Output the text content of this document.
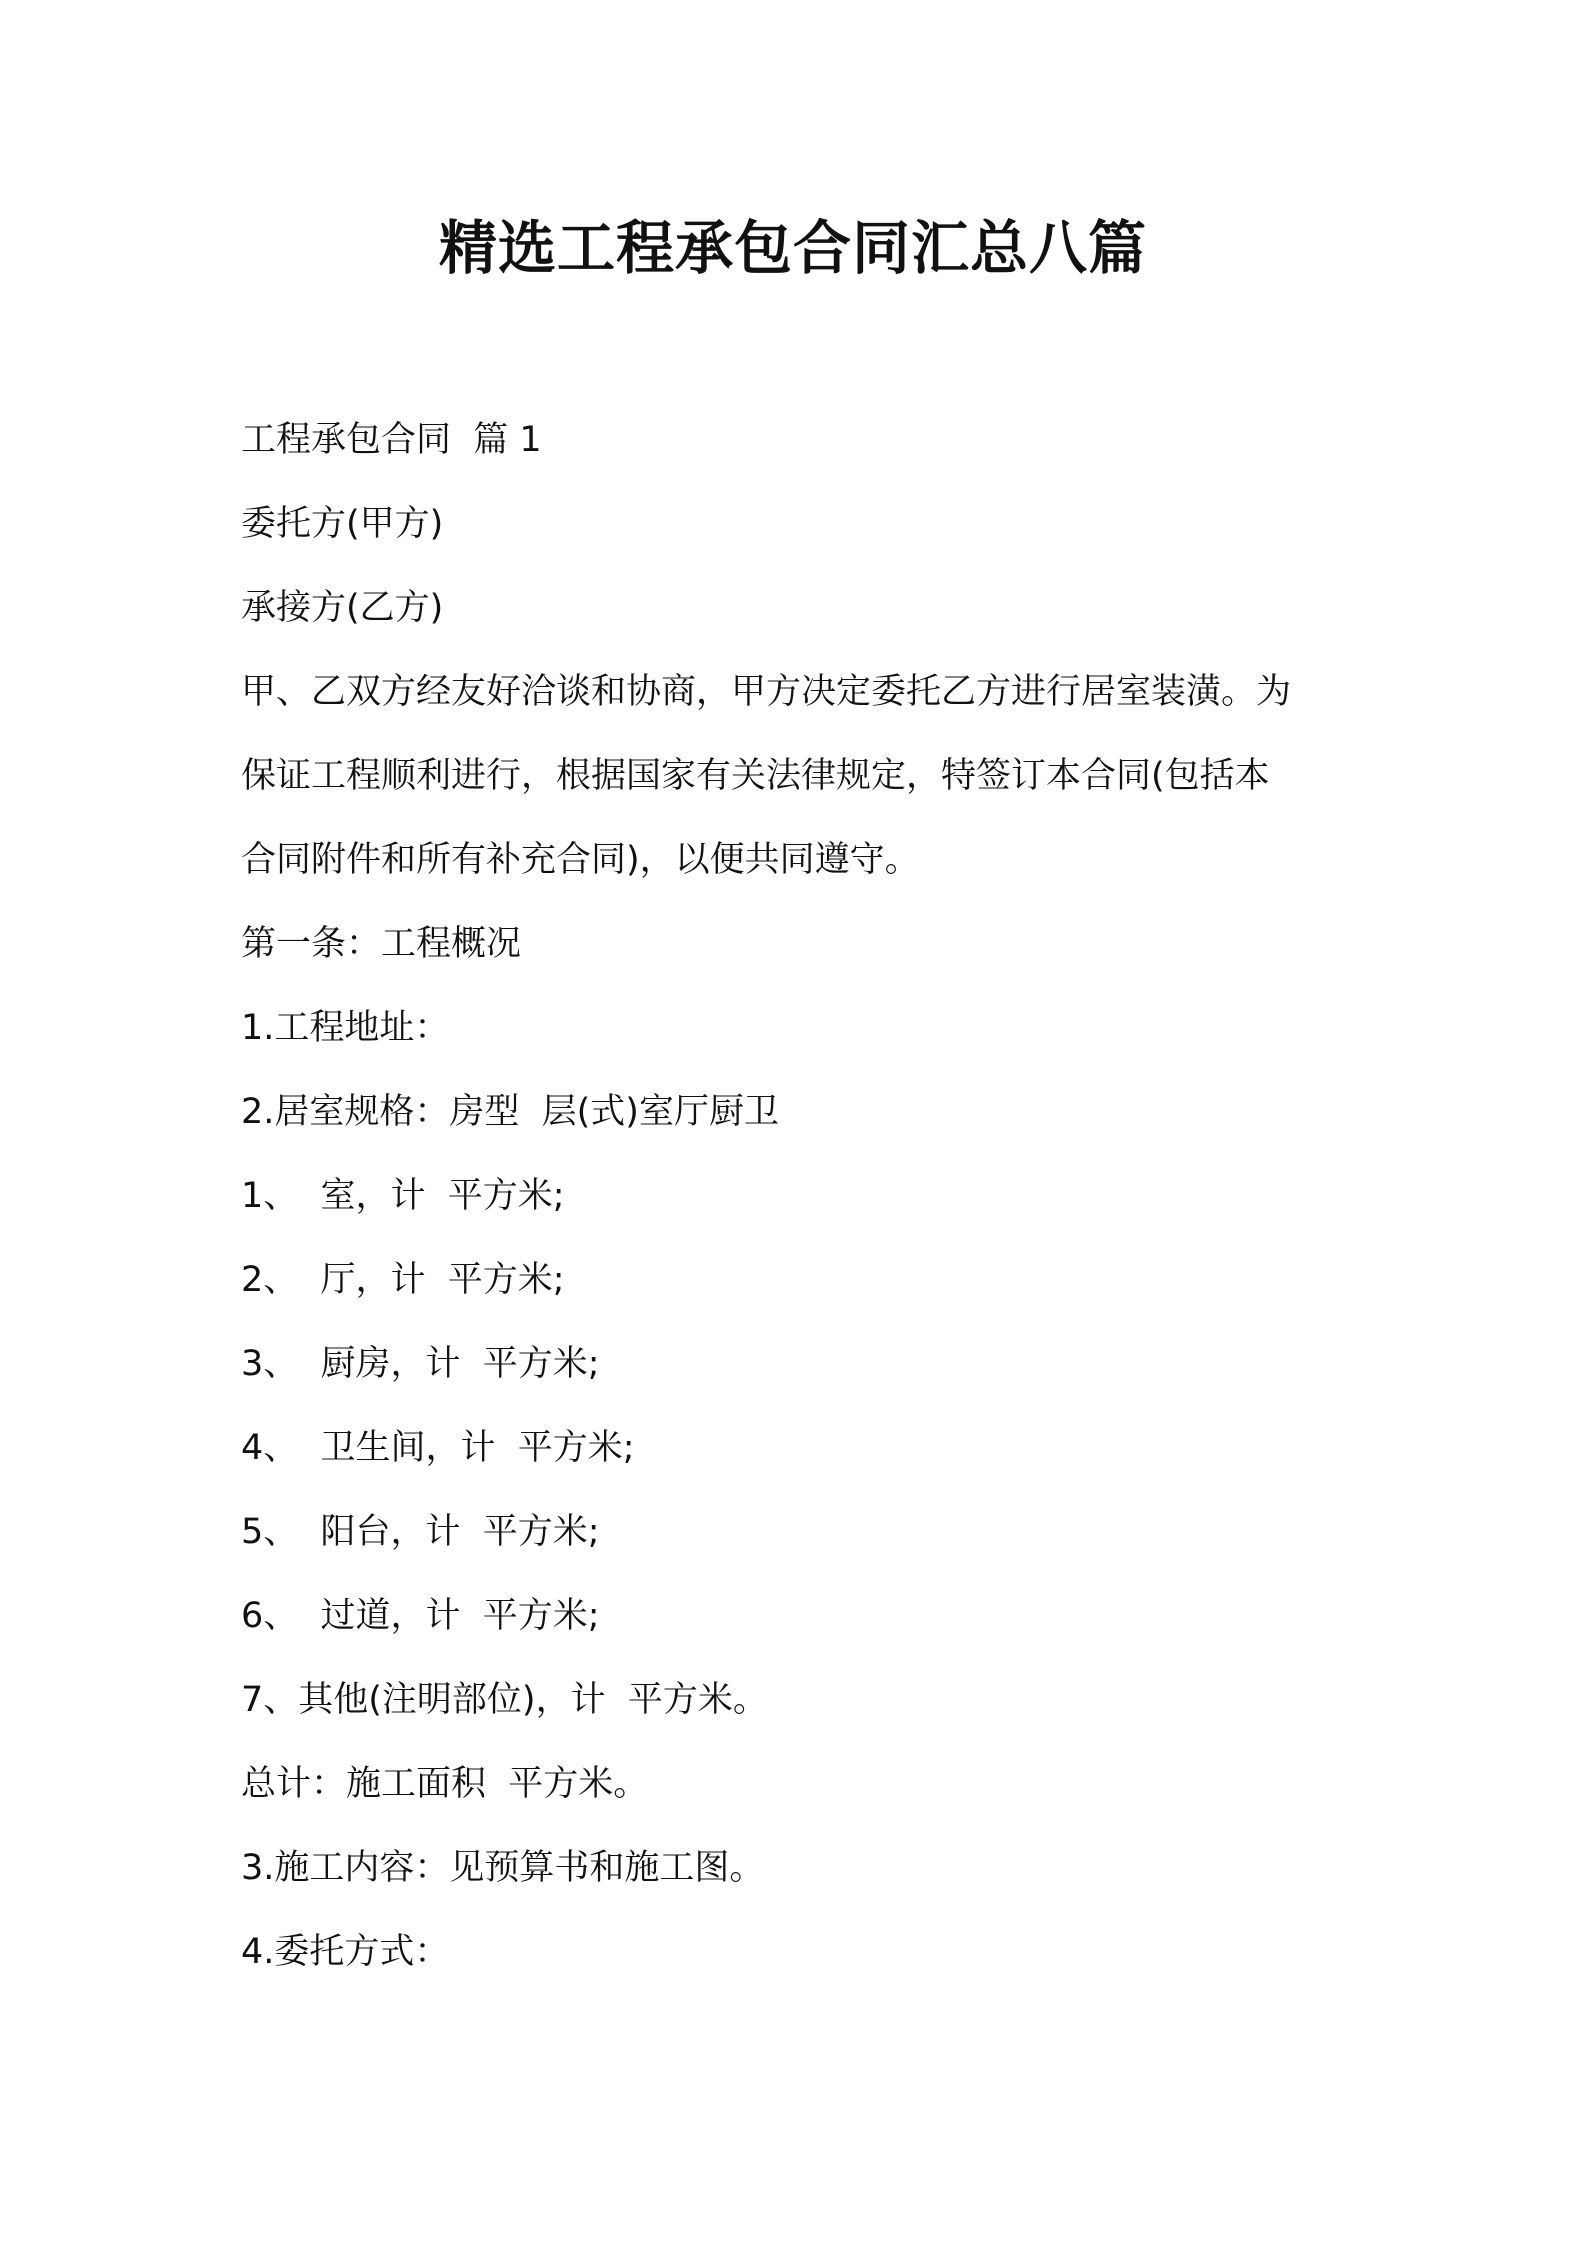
精选工程承包合同汇总八篇

工程承包合同  篇 1

委托方(甲方)

承接方(乙方)

甲、乙双方经友好洽谈和协商，甲方决定委托乙方进行居室装潢。为
保证工程顺利进行，根据国家有关法律规定，特签订本合同(包括本
合同附件和所有补充合同)，以便共同遵守。

第一条：工程概况

1.工程地址：

2.居室规格：房型  层(式)室厅厨卫

1、  室，计  平方米;

2、  厅，计  平方米;

3、  厨房，计  平方米;

4、  卫生间，计  平方米;

5、  阳台，计  平方米;

6、  过道，计  平方米;

7、其他(注明部位)，计  平方米。

总计：施工面积  平方米。

3.施工内容：见预算书和施工图。

4.委托方式：
